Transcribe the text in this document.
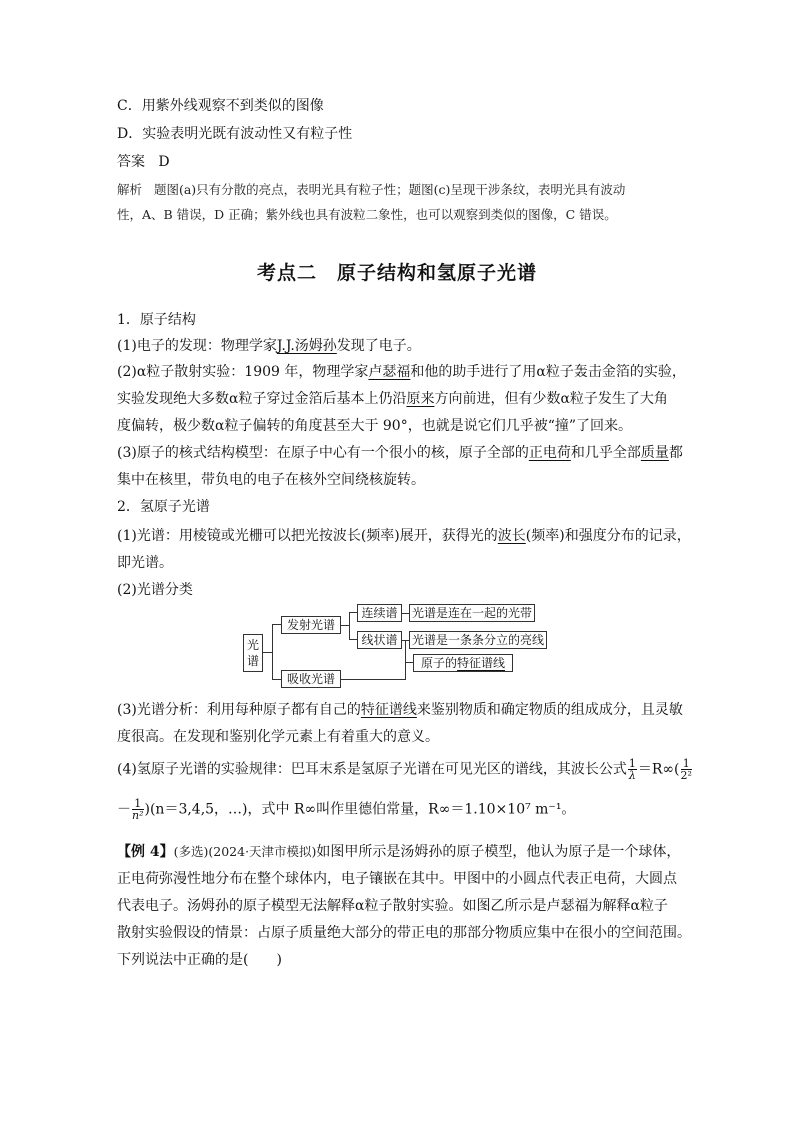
C．用紫外线观察不到类似的图像
D．实验表明光既有波动性又有粒子性
答案 D
解析 题图(a)只有分散的亮点，表明光具有粒子性；题图(c)呈现干涉条纹，表明光具有波动
性，A、B 错误，D 正确；紫外线也具有波粒二象性，也可以观察到类似的图像，C 错误。
考点二　原子结构和氢原子光谱
1．原子结构
(1)电子的发现：物理学家J.J.汤姆孙发现了电子。
(2)α粒子散射实验：1909 年，物理学家卢瑟福和他的助手进行了用α粒子轰击金箔的实验，
实验发现绝大多数α粒子穿过金箔后基本上仍沿原来方向前进，但有少数α粒子发生了大角
度偏转，极少数α粒子偏转的角度甚至大于 90°，也就是说它们几乎被“撞”了回来。
(3)原子的核式结构模型：在原子中心有一个很小的核，原子全部的正电荷和几乎全部质量都
集中在核里，带负电的电子在核外空间绕核旋转。
2．氢原子光谱
(1)光谱：用棱镜或光栅可以把光按波长(频率)展开，获得光的波长(频率)和强度分布的记录，
即光谱。
(2)光谱分类
光谱
发射光谱
吸收光谱
连续谱
线状谱
光谱是连在一起的光带
光谱是一条条分立的亮线
原子的特征谱线
(3)光谱分析：利用每种原子都有自己的特征谱线来鉴别物质和确定物质的组成成分，且灵敏
度很高。在发现和鉴别化学元素上有着重大的意义。
(4)氢原子光谱的实验规律：巴耳末系是氢原子光谱在可见光区的谱线，其波长公式 $\frac{1}{\lambda} =R\infty( \frac{1}{\text{2²}}$
－ $\frac{1}{\text{n²}} )(n=3,4,5$，…)，式中 R∞叫作里德伯常量，R∞＝1.10×10⁷ m⁻¹。
【例 4】(多选)(2024·天津市模拟)如图甲所示是汤姆孙的原子模型，他认为原子是一个球体，
正电荷弥漫性地分布在整个球体内，电子镶嵌在其中。甲图中的小圆点代表正电荷，大圆点
代表电子。汤姆孙的原子模型无法解释α粒子散射实验。如图乙所示是卢瑟福为解释α粒子
散射实验假设的情景：占原子质量绝大部分的带正电的那部分物质应集中在很小的空间范围。
下列说法中正确的是(　　)
